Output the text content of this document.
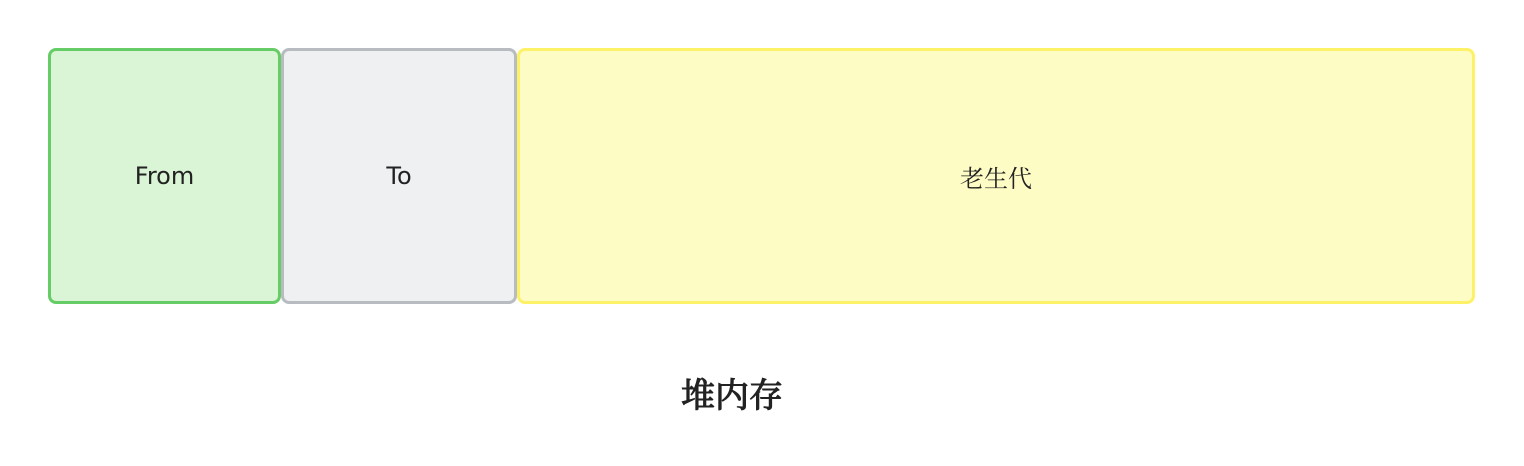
From	To	老生代
堆内存
